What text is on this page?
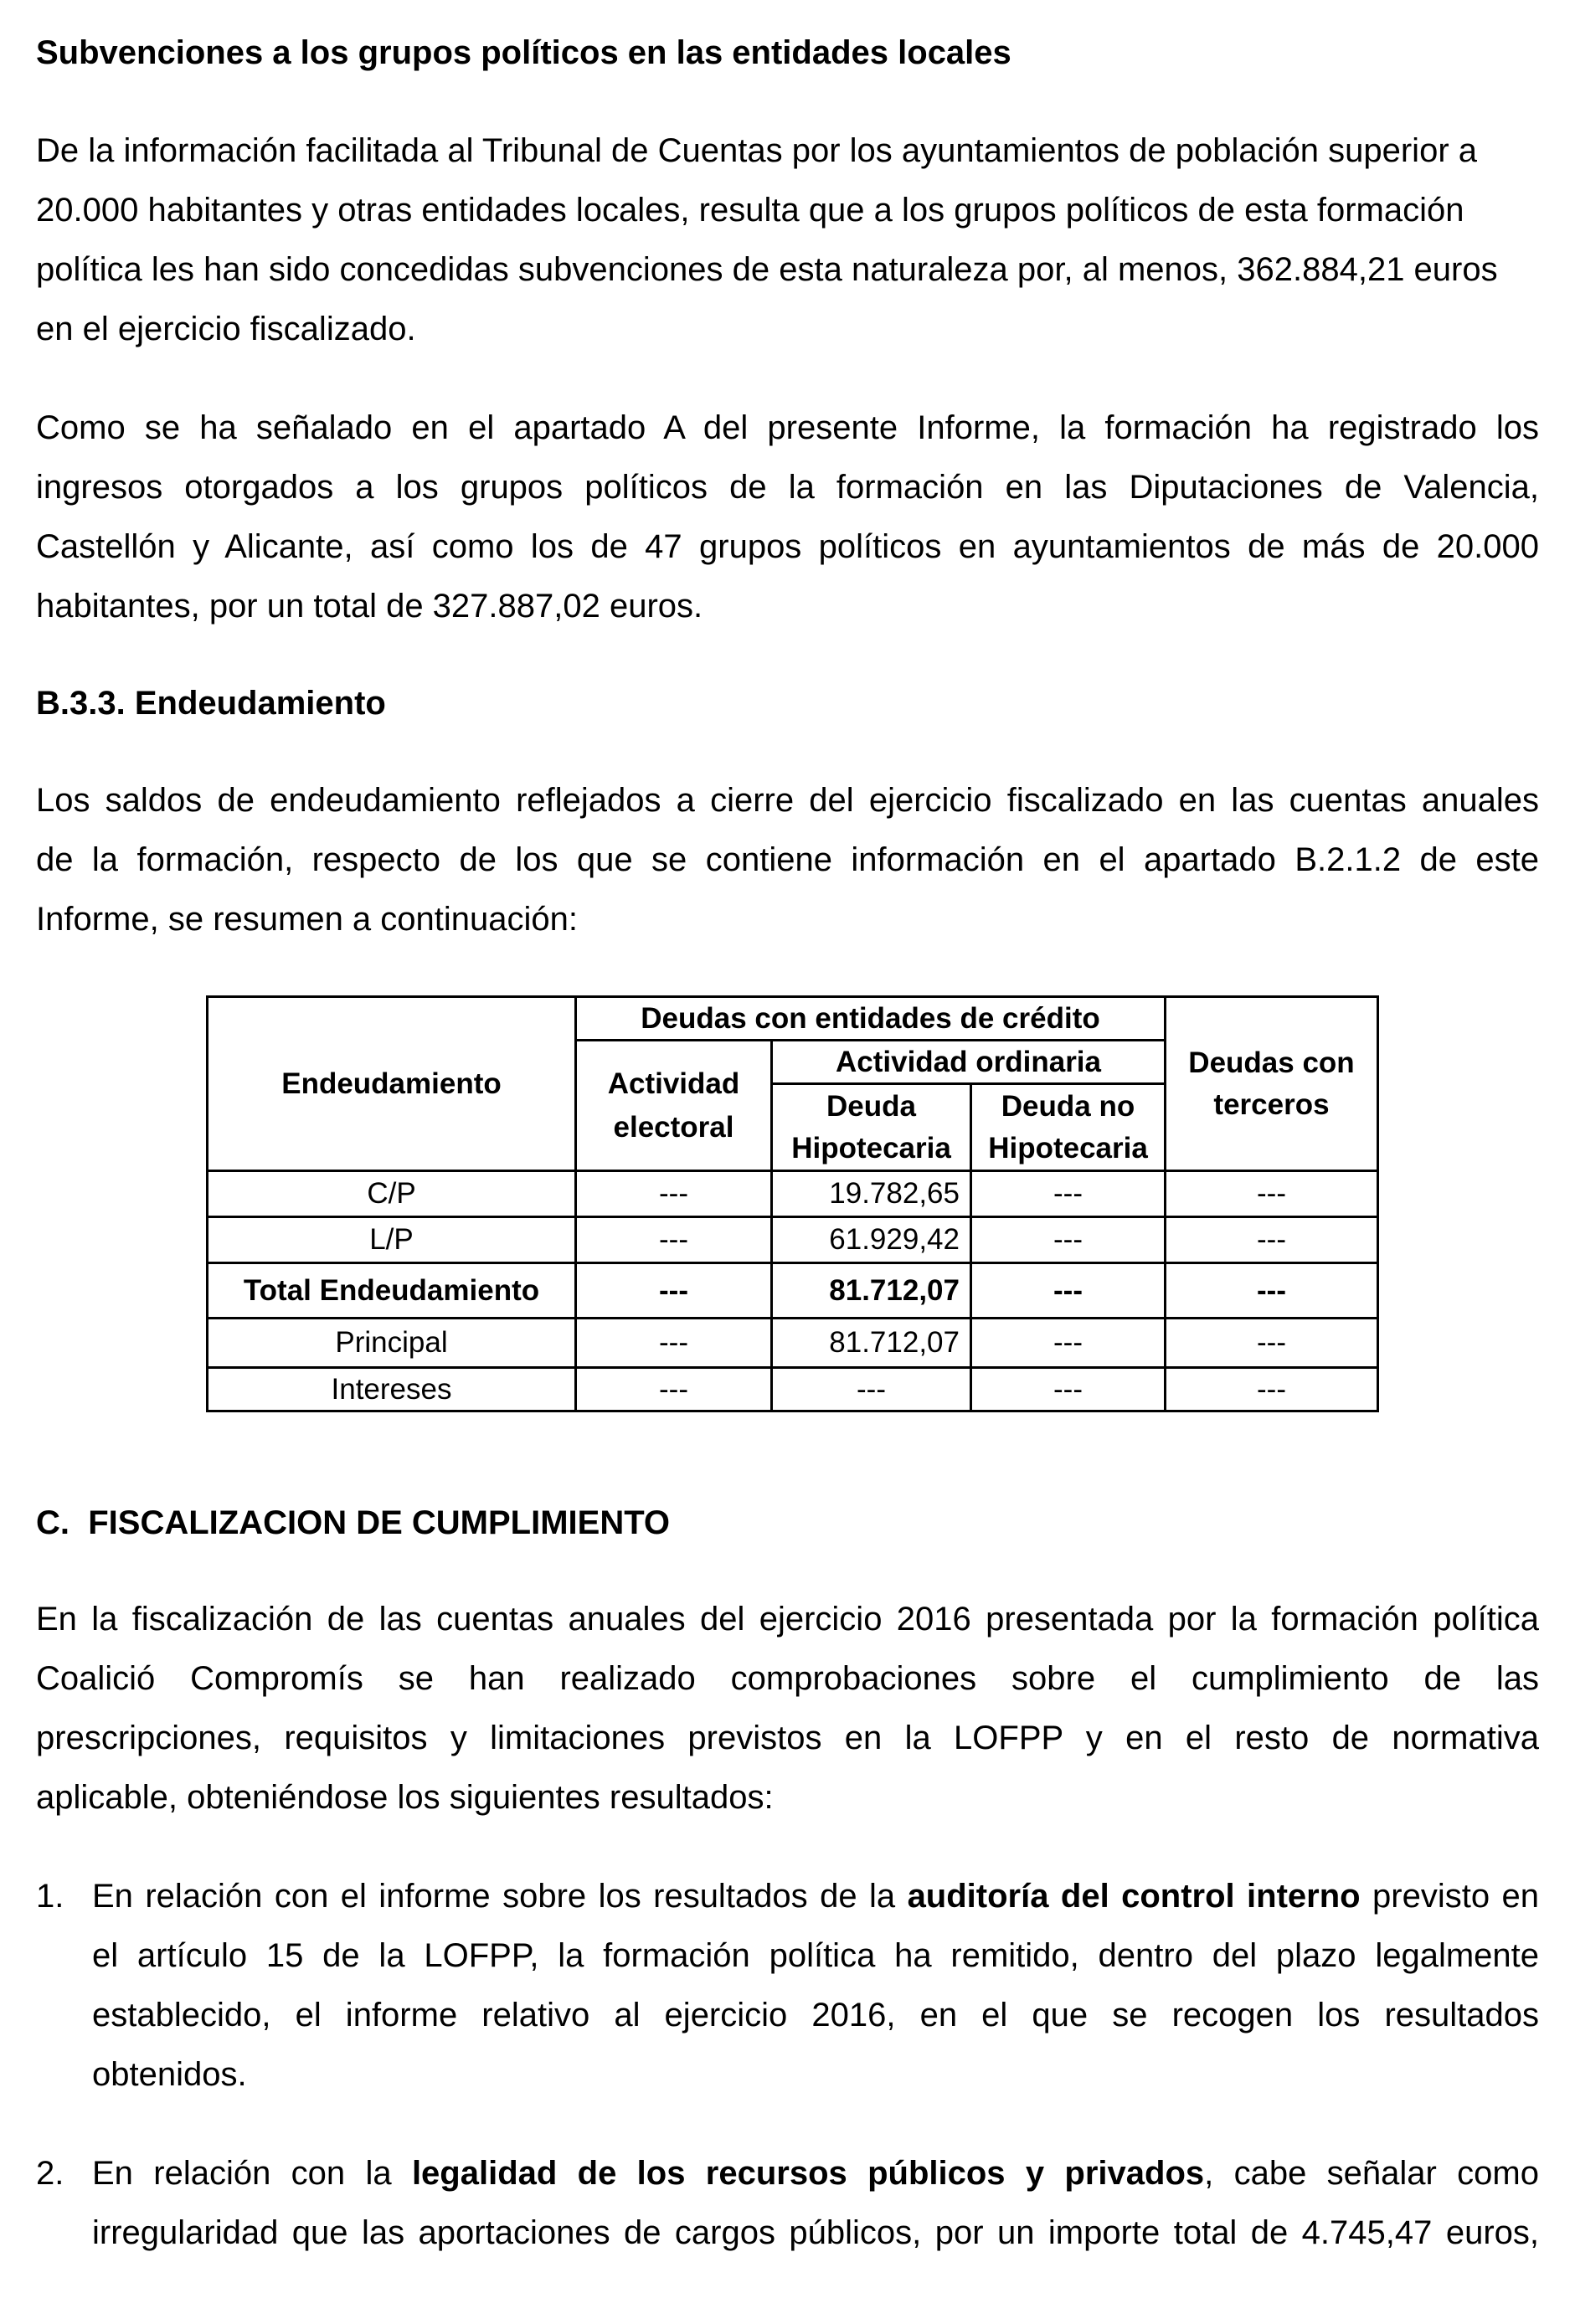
Subvenciones a los grupos políticos en las entidades locales

De la información facilitada al Tribunal de Cuentas por los ayuntamientos de población superior a

20.000 habitantes y otras entidades locales, resulta que a los grupos políticos de esta formación

política les han sido concedidas subvenciones de esta naturaleza por, al menos, 362.884,21 euros

en el ejercicio fiscalizado.

Como se ha señalado en el apartado A del presente Informe, la formación ha registrado los

ingresos otorgados a los grupos políticos de la formación en las Diputaciones de Valencia,

Castellón y Alicante, así como los de 47 grupos políticos en ayuntamientos de más de 20.000

habitantes, por un total de 327.887,02 euros.

B.3.3. Endeudamiento

Los saldos de endeudamiento reflejados a cierre del ejercicio fiscalizado en las cuentas anuales

de la formación, respecto de los que se contiene información en el apartado B.2.1.2 de este

Informe, se resumen a continuación:

Endeudamiento	Deudas con entidades de crédito			Deudas con terceros
	Actividad electoral	Actividad ordinaria		
		Deuda Hipotecaria	Deuda no Hipotecaria	
C/P	---	19.782,65	---	---
L/P	---	61.929,42	---	---
Total Endeudamiento	---	81.712,07	---	---
Principal	---	81.712,07	---	---
Intereses	---	---	---	---

C.  FISCALIZACION DE CUMPLIMIENTO

En la fiscalización de las cuentas anuales del ejercicio 2016 presentada por la formación política

Coalició Compromís se han realizado comprobaciones sobre el cumplimiento de las

prescripciones, requisitos y limitaciones previstos en la LOFPP y en el resto de normativa

aplicable, obteniéndose los siguientes resultados:

1. En relación con el informe sobre los resultados de la auditoría del control interno previsto en

el artículo 15 de la LOFPP, la formación política ha remitido, dentro del plazo legalmente

establecido, el informe relativo al ejercicio 2016, en el que se recogen los resultados

obtenidos.

2. En relación con la legalidad de los recursos públicos y privados, cabe señalar como

irregularidad que las aportaciones de cargos públicos, por un importe total de 4.745,47 euros,
